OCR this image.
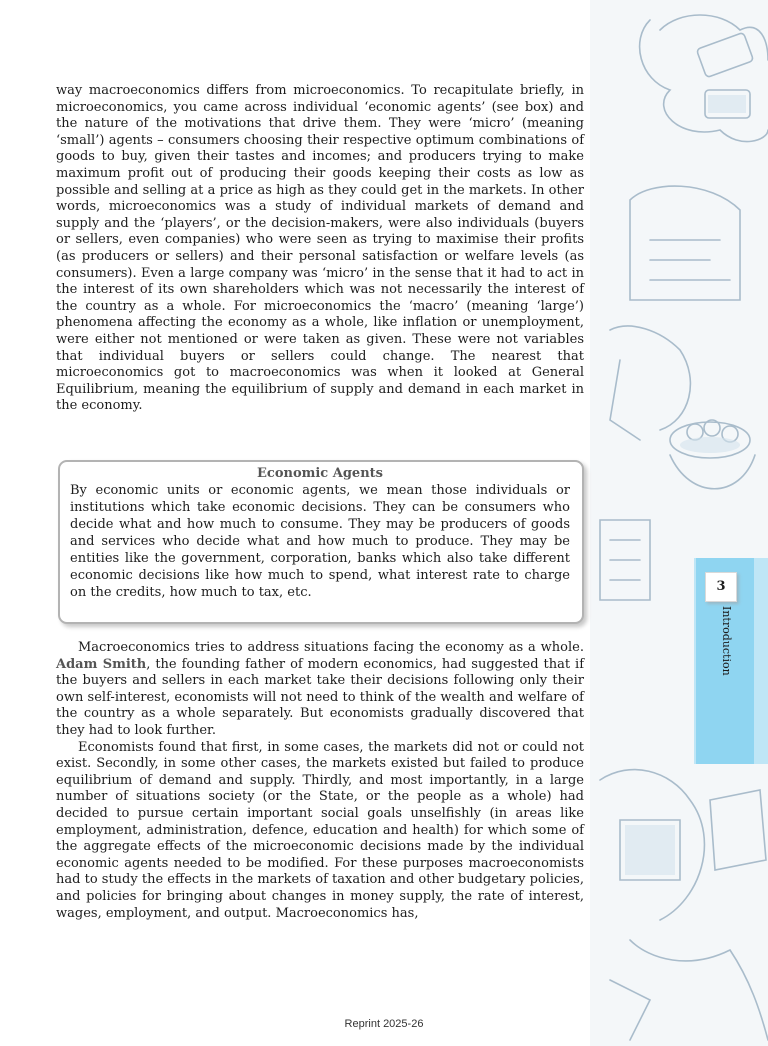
way macroeconomics differs from microeconomics. To recapitulate briefly, in microeconomics, you came across individual ‘economic agents’ (see box) and the nature of the motivations that drive them. They were ‘micro’ (meaning ‘small’) agents – consumers choosing their respective optimum combinations of goods to buy, given their tastes and incomes; and producers trying to make maximum profit out of producing their goods keeping their costs as low as possible and selling at a price as high as they could get in the markets. In other words, microeconomics was a study of individual markets of demand and supply and the ‘players’, or the decision-makers, were also individuals (buyers or sellers, even companies) who were seen as trying to maximise their profits (as producers or sellers) and their personal satisfaction or welfare levels (as consumers). Even a large company was ‘micro’ in the sense that it had to act in the interest of its own shareholders which was not necessarily the interest of the country as a whole. For microeconomics the ‘macro’ (meaning ‘large’) phenomena affecting the economy as a whole, like inflation or unemployment, were either not mentioned or were taken as given. These were not variables that individual buyers or sellers could change. The nearest that microeconomics got to macroeconomics was when it looked at General Equilibrium, meaning the equilibrium of supply and demand in each market in the economy.

Economic Agents
By economic units or economic agents, we mean those individuals or institutions which take economic decisions. They can be consumers who decide what and how much to consume. They may be producers of goods and services who decide what and how much to produce. They may be entities like the government, corporation, banks which also take different economic decisions like how much to spend, what interest rate to charge on the credits, how much to tax, etc.

Macroeconomics tries to address situations facing the economy as a whole. Adam Smith, the founding father of modern economics, had suggested that if the buyers and sellers in each market take their decisions following only their own self-interest, economists will not need to think of the wealth and welfare of the country as a whole separately. But economists gradually discovered that they had to look further.

Economists found that first, in some cases, the markets did not or could not exist. Secondly, in some other cases, the markets existed but failed to produce equilibrium of demand and supply. Thirdly, and most importantly, in a large number of situations society (or the State, or the people as a whole) had decided to pursue certain important social goals unselfishly (in areas like employment, administration, defence, education and health) for which some of the aggregate effects of the microeconomic decisions made by the individual economic agents needed to be modified. For these purposes macroeconomists had to study the effects in the markets of taxation and other budgetary policies, and policies for bringing about changes in money supply, the rate of interest, wages, employment, and output. Macroeconomics has,

3
Introduction
Reprint 2025-26
